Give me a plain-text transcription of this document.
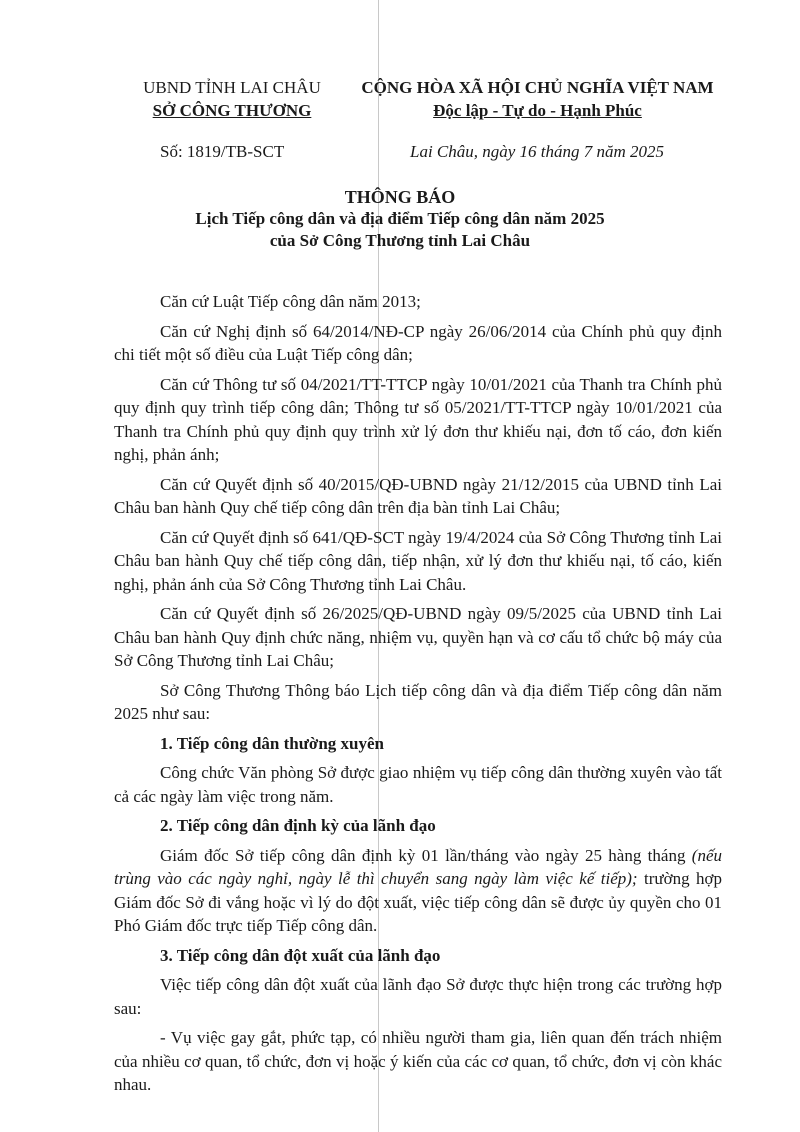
UBND TỈNH LAI CHÂU
SỞ CÔNG THƯƠNG
CỘNG HÒA XÃ HỘI CHỦ NGHĨA VIỆT NAM
Độc lập - Tự do - Hạnh Phúc
Số: 1819/TB-SCT	Lai Châu, ngày 16 tháng 7 năm 2025
THÔNG BÁO
Lịch Tiếp công dân và địa điểm Tiếp công dân năm 2025
của Sở Công Thương tỉnh Lai Châu

Căn cứ Luật Tiếp công dân năm 2013;

Căn cứ Nghị định số 64/2014/NĐ-CP ngày 26/06/2014 của Chính phủ quy định chi tiết một số điều của Luật Tiếp công dân;

Căn cứ Thông tư số 04/2021/TT-TTCP ngày 10/01/2021 của Thanh tra Chính phủ quy định quy trình tiếp công dân; Thông tư số 05/2021/TT-TTCP ngày 10/01/2021 của Thanh tra Chính phủ quy định quy trình xử lý đơn thư khiếu nại, đơn tố cáo, đơn kiến nghị, phản ánh;

Căn cứ Quyết định số 40/2015/QĐ-UBND ngày 21/12/2015 của UBND tỉnh Lai Châu ban hành Quy chế tiếp công dân trên địa bàn tỉnh Lai Châu;

Căn cứ Quyết định số 641/QĐ-SCT ngày 19/4/2024 của Sở Công Thương tỉnh Lai Châu ban hành Quy chế tiếp công dân, tiếp nhận, xử lý đơn thư khiếu nại, tố cáo, kiến nghị, phản ánh của Sở Công Thương tỉnh Lai Châu.

Căn cứ Quyết định số 26/2025/QĐ-UBND ngày 09/5/2025 của UBND tỉnh Lai Châu ban hành Quy định chức năng, nhiệm vụ, quyền hạn và cơ cấu tổ chức bộ máy của Sở Công Thương tỉnh Lai Châu;

Sở Công Thương Thông báo Lịch tiếp công dân và địa điểm Tiếp công dân năm 2025 như sau:

1. Tiếp công dân thường xuyên

Công chức Văn phòng Sở được giao nhiệm vụ tiếp công dân thường xuyên vào tất cả các ngày làm việc trong năm.

2. Tiếp công dân định kỳ của lãnh đạo

Giám đốc Sở tiếp công dân định kỳ 01 lần/tháng vào ngày 25 hàng tháng (nếu trùng vào các ngày nghỉ, ngày lễ thì chuyển sang ngày làm việc kế tiếp); trường hợp Giám đốc Sở đi vắng hoặc vì lý do đột xuất, việc tiếp công dân sẽ được ủy quyền cho 01 Phó Giám đốc trực tiếp Tiếp công dân.

3. Tiếp công dân đột xuất của lãnh đạo

Việc tiếp công dân đột xuất của lãnh đạo Sở được thực hiện trong các trường hợp sau:

- Vụ việc gay gắt, phức tạp, có nhiều người tham gia, liên quan đến trách nhiệm của nhiều cơ quan, tổ chức, đơn vị hoặc ý kiến của các cơ quan, tổ chức, đơn vị còn khác nhau.
